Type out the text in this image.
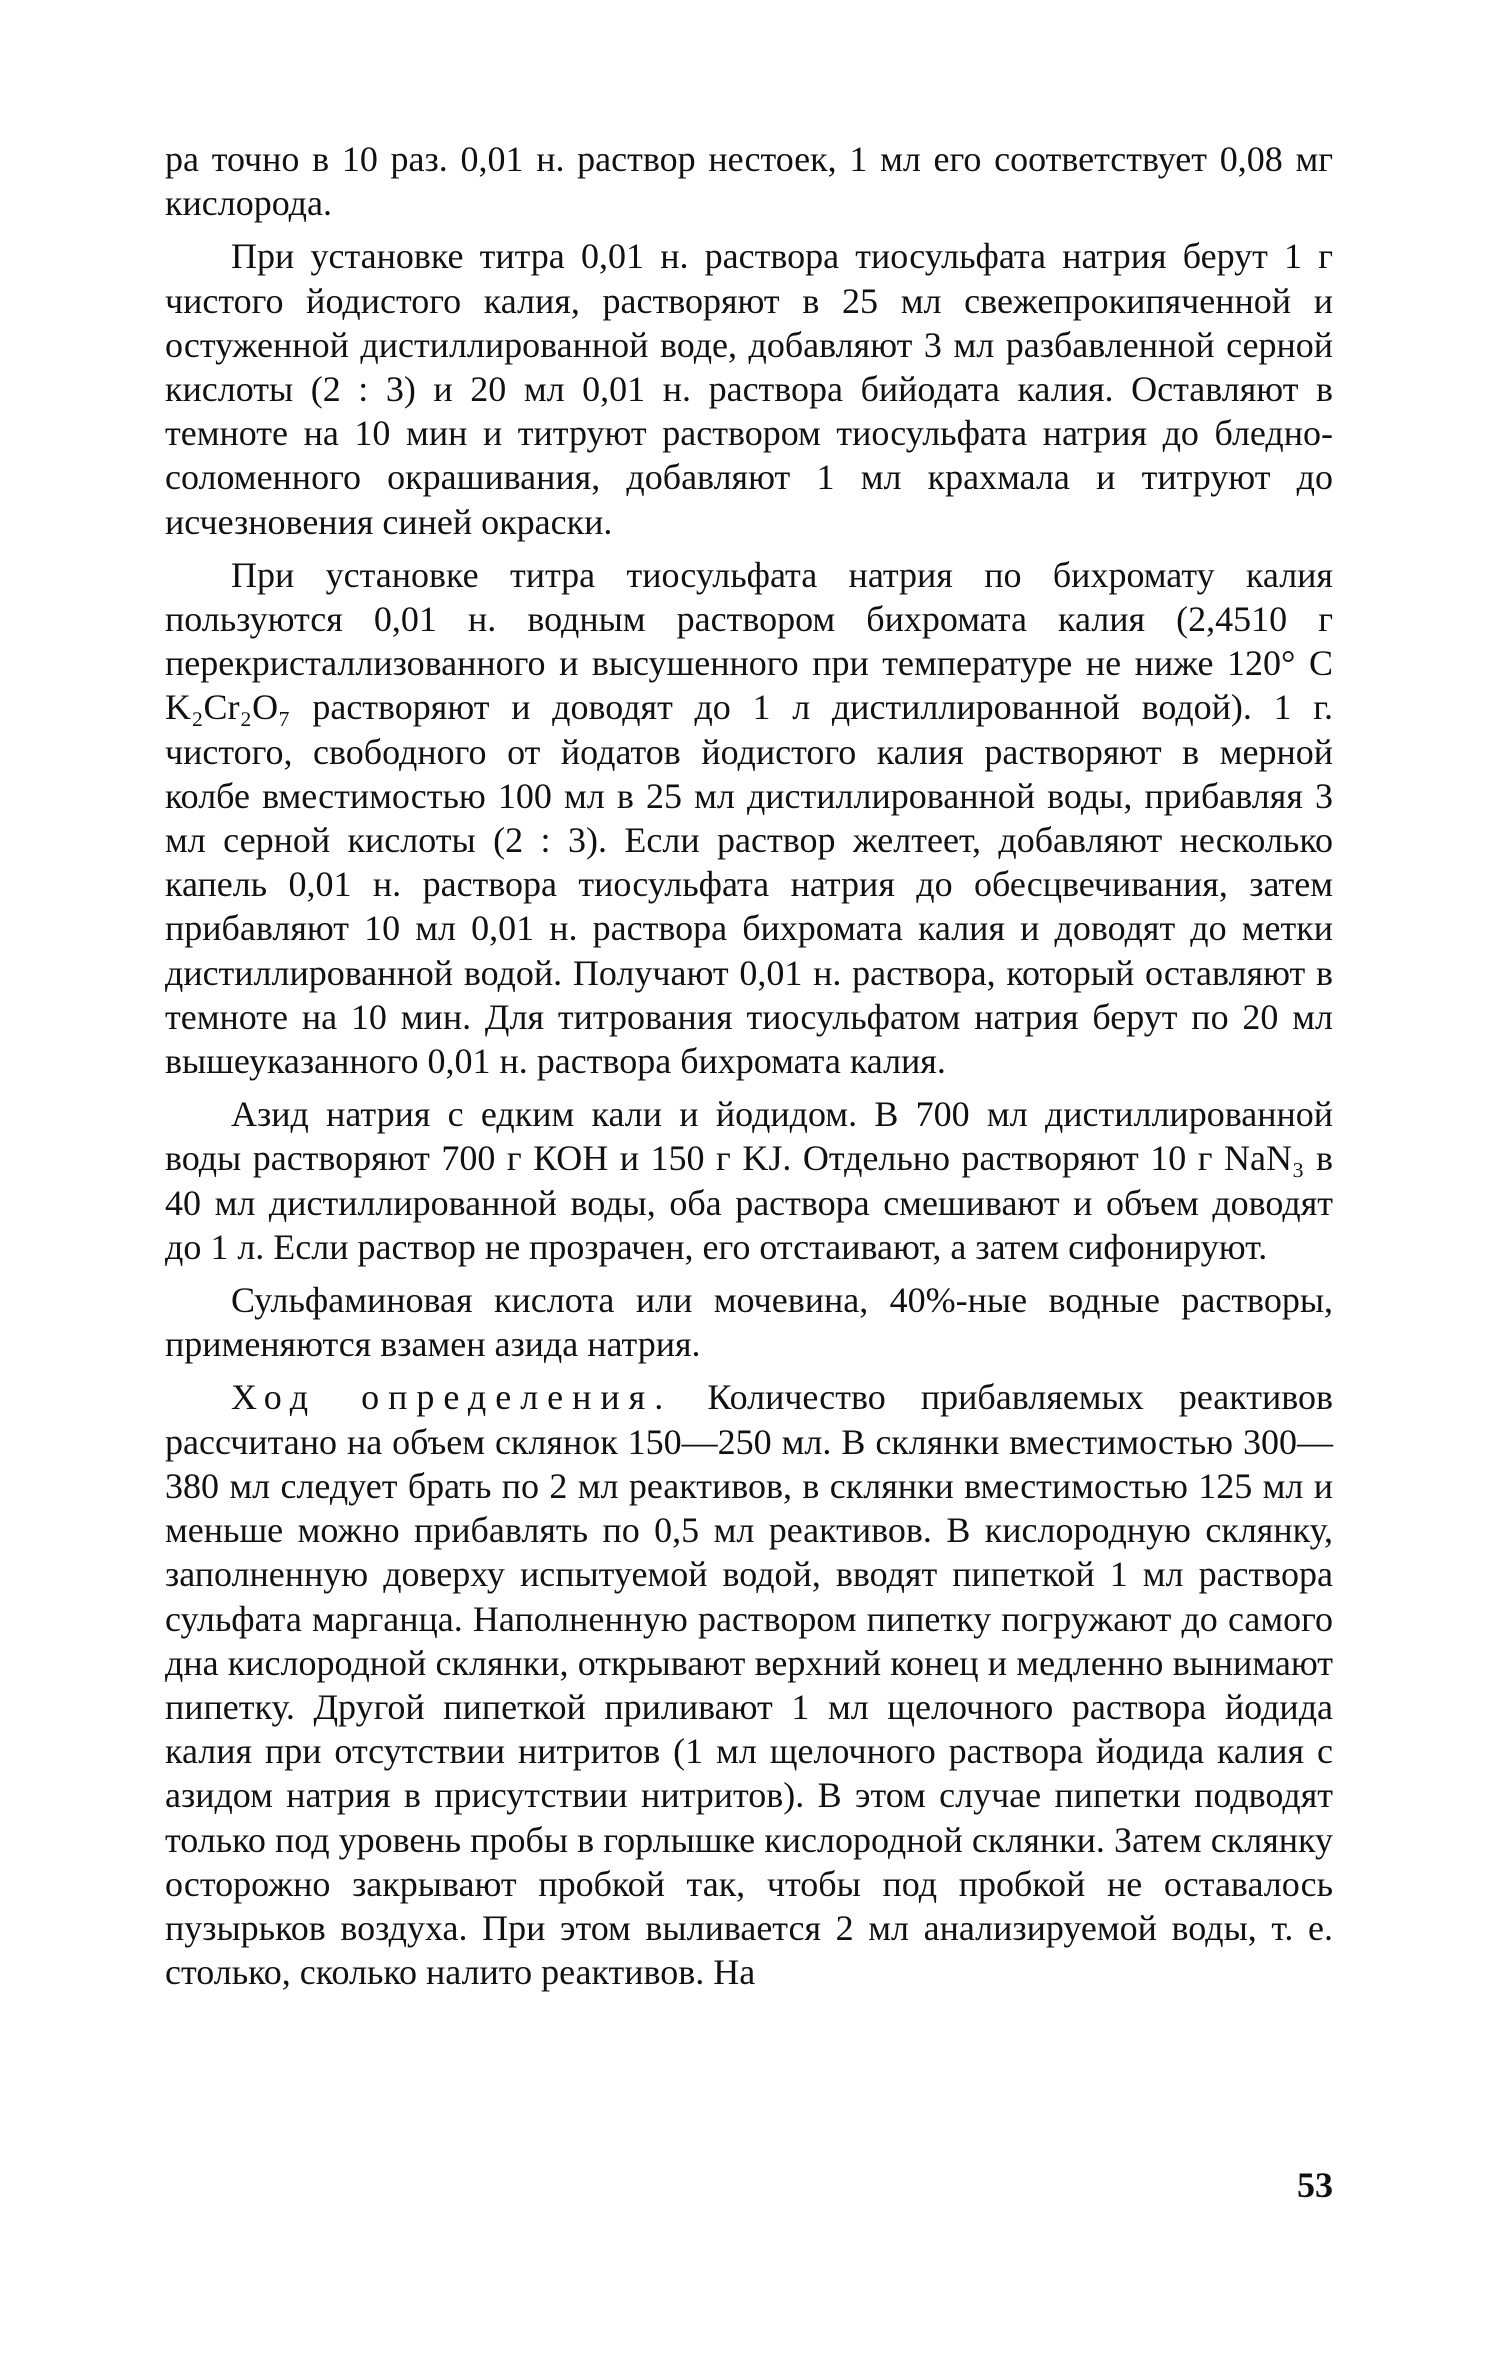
ра точно в 10 раз. 0,01 н. раствор нестоек, 1 мл его соответствует 0,08 мг кислорода.

При установке титра 0,01 н. раствора тиосульфата натрия берут 1 г чистого йодистого калия, растворяют в 25 мл свежепрокипяченной и остуженной дистиллированной воде, добавляют 3 мл разбавленной серной кислоты (2 : 3) и 20 мл 0,01 н. раствора бийодата калия. Оставляют в темноте на 10 мин и титруют раствором тиосульфата натрия до бледно-соломенного окрашивания, добавляют 1 мл крахмала и титруют до исчезновения синей окраски.

При установке титра тиосульфата натрия по бихромату калия пользуются 0,01 н. водным раствором бихромата калия (2,4510 г перекристаллизованного и высушенного при температуре не ниже 120° С K₂Cr₂O₇ растворяют и доводят до 1 л дистиллированной водой). 1 г. чистого, свободного от йодатов йодистого калия растворяют в мерной колбе вместимостью 100 мл в 25 мл дистиллированной воды, прибавляя 3 мл серной кислоты (2 : 3). Если раствор желтеет, добавляют несколько капель 0,01 н. раствора тиосульфата натрия до обесцвечивания, затем прибавляют 10 мл 0,01 н. раствора бихромата калия и доводят до метки дистиллированной водой. Получают 0,01 н. раствора, который оставляют в темноте на 10 мин. Для титрования тиосульфатом натрия берут по 20 мл вышеуказанного 0,01 н. раствора бихромата калия.

Азид натрия с едким кали и йодидом. В 700 мл дистиллированной воды растворяют 700 г КОН и 150 г KJ. Отдельно растворяют 10 г NaN₃ в 40 мл дистиллированной воды, оба раствора смешивают и объем доводят до 1 л. Если раствор не прозрачен, его отстаивают, а затем сифонируют.

Сульфаминовая кислота или мочевина, 40%-ные водные растворы, применяются взамен азида натрия.

Ход определения. Количество прибавляемых реактивов рассчитано на объем склянок 150—250 мл. В склянки вместимостью 300—380 мл следует брать по 2 мл реактивов, в склянки вместимостью 125 мл и меньше можно прибавлять по 0,5 мл реактивов. В кислородную склянку, заполненную доверху испытуемой водой, вводят пипеткой 1 мл раствора сульфата марганца. Наполненную раствором пипетку погружают до самого дна кислородной склянки, открывают верхний конец и медленно вынимают пипетку. Другой пипеткой приливают 1 мл щелочного раствора йодида калия при отсутствии нитритов (1 мл щелочного раствора йодида калия с азидом натрия в присутствии нитритов). В этом случае пипетки подводят только под уровень пробы в горлышке кислородной склянки. Затем склянку осторожно закрывают пробкой так, чтобы под пробкой не оставалось пузырьков воздуха. При этом выливается 2 мл анализируемой воды, т. е. столько, сколько налито реактивов. На

53
